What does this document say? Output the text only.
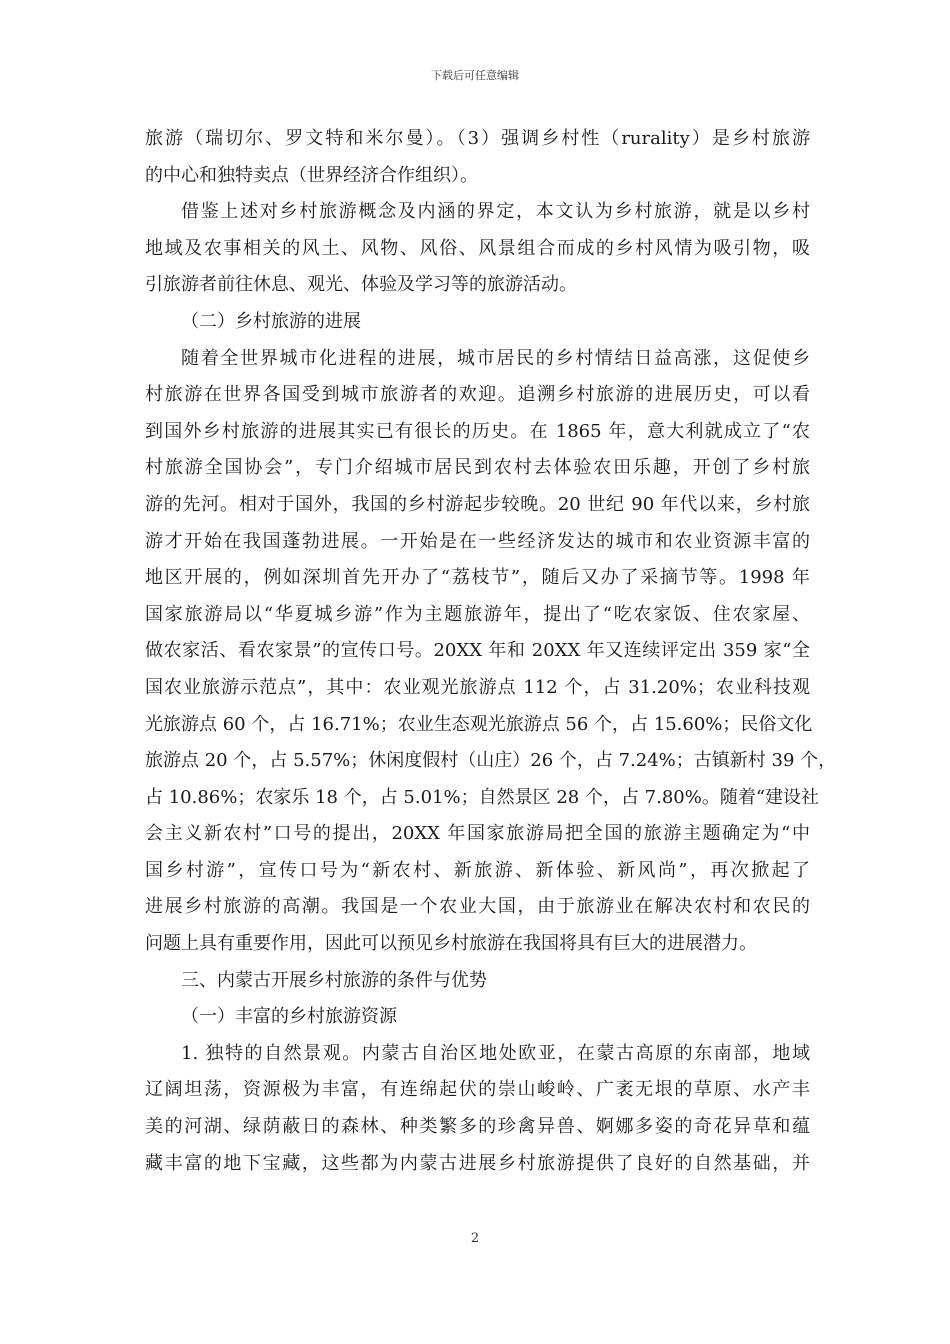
下载后可任意编辑
旅游（瑞切尔、罗文特和米尔曼）。（3）强调乡村性（rurality）是乡村旅游
的中心和独特卖点（世界经济合作组织）。
借鉴上述对乡村旅游概念及内涵的界定，本文认为乡村旅游，就是以乡村
地域及农事相关的风土、风物、风俗、风景组合而成的乡村风情为吸引物，吸
引旅游者前往休息、观光、体验及学习等的旅游活动。
（二）乡村旅游的进展
随着全世界城市化进程的进展，城市居民的乡村情结日益高涨，这促使乡
村旅游在世界各国受到城市旅游者的欢迎。追溯乡村旅游的进展历史，可以看
到国外乡村旅游的进展其实已有很长的历史。在 1865 年，意大利就成立了“农
村旅游全国协会”，专门介绍城市居民到农村去体验农田乐趣，开创了乡村旅
游的先河。相对于国外，我国的乡村游起步较晚。20 世纪 90 年代以来，乡村旅
游才开始在我国蓬勃进展。一开始是在一些经济发达的城市和农业资源丰富的
地区开展的，例如深圳首先开办了“荔枝节”，随后又办了采摘节等。1998 年
国家旅游局以“华夏城乡游”作为主题旅游年，提出了“吃农家饭、住农家屋、
做农家活、看农家景”的宣传口号。20XX 年和 20XX 年又连续评定出 359 家“全
国农业旅游示范点”，其中：农业观光旅游点 112 个，占 31.20%；农业科技观
光旅游点 60 个，占 16.71%；农业生态观光旅游点 56 个，占 15.60%；民俗文化
旅游点 20 个，占 5.57%；休闲度假村（山庄）26 个，占 7.24%；古镇新村 39 个，
占 10.86%；农家乐 18 个，占 5.01%；自然景区 28 个，占 7.80%。随着“建设社
会主义新农村”口号的提出，20XX 年国家旅游局把全国的旅游主题确定为“中
国乡村游”，宣传口号为“新农村、新旅游、新体验、新风尚”，再次掀起了
进展乡村旅游的高潮。我国是一个农业大国，由于旅游业在解决农村和农民的
问题上具有重要作用，因此可以预见乡村旅游在我国将具有巨大的进展潜力。
三、内蒙古开展乡村旅游的条件与优势
（一）丰富的乡村旅游资源
1. 独特的自然景观。内蒙古自治区地处欧亚，在蒙古高原的东南部，地域
辽阔坦荡，资源极为丰富，有连绵起伏的崇山峻岭、广袤无垠的草原、水产丰
美的河湖、绿荫蔽日的森林、种类繁多的珍禽异兽、婀娜多姿的奇花异草和蕴
藏丰富的地下宝藏，这些都为内蒙古进展乡村旅游提供了良好的自然基础，并
2
